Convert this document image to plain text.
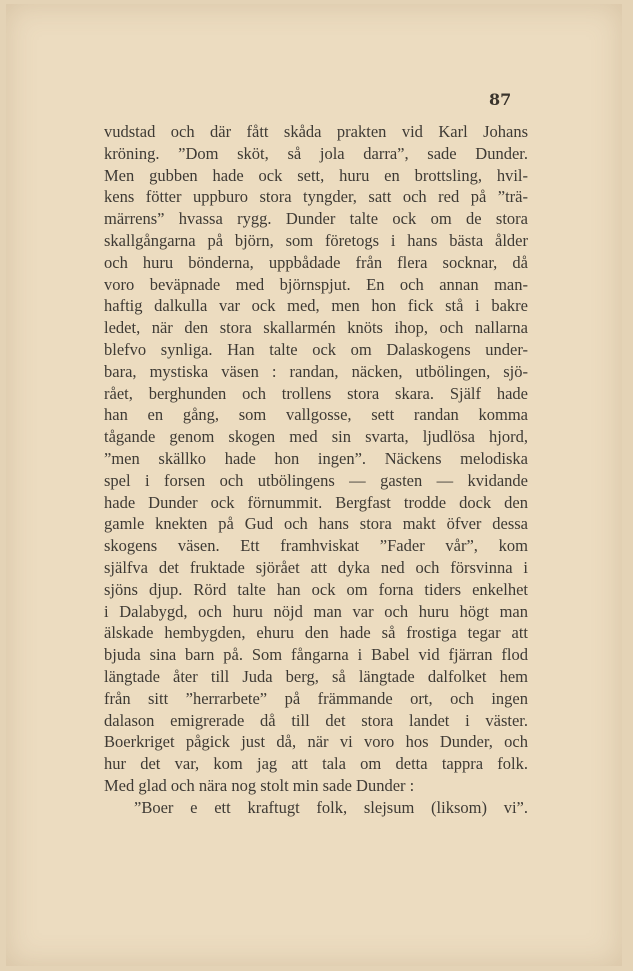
87
vudstad och där fått skåda prakten vid Karl Johans
kröning. ”Dom sköt, så jola darra”, sade Dunder.
Men gubben hade ock sett, huru en brottsling, hvil-
kens fötter uppburo stora tyngder, satt och red på ”trä-
märrens” hvassa rygg. Dunder talte ock om de stora
skallgångarna på björn, som företogs i hans bästa ålder
och huru bönderna, uppbådade från flera socknar, då
voro beväpnade med björnspjut. En och annan man-
haftig dalkulla var ock med, men hon fick stå i bakre
ledet, när den stora skallarmén knöts ihop, och nallarna
blefvo synliga. Han talte ock om Dalaskogens under-
bara, mystiska väsen : randan, näcken, utbölingen, sjö-
rået, berghunden och trollens stora skara. Själf hade
han en gång, som vallgosse, sett randan komma
tågande genom skogen med sin svarta, ljudlösa hjord,
”men skällko hade hon ingen”. Näckens melodiska
spel i forsen och utbölingens — gasten — kvidande
hade Dunder ock förnummit. Bergfast trodde dock den
gamle knekten på Gud och hans stora makt öfver dessa
skogens väsen. Ett framhviskat ”Fader vår”, kom
själfva det fruktade sjörået att dyka ned och försvinna i
sjöns djup. Rörd talte han ock om forna tiders enkelhet
i Dalabygd, och huru nöjd man var och huru högt man
älskade hembygden, ehuru den hade så frostiga tegar att
bjuda sina barn på. Som fångarna i Babel vid fjärran flod
längtade åter till Juda berg, så längtade dalfolket hem
från sitt ”herrarbete” på främmande ort, och ingen
dalason emigrerade då till det stora landet i väster.
Boerkriget pågick just då, när vi voro hos Dunder, och
hur det var, kom jag att tala om detta tappra folk.
Med glad och nära nog stolt min sade Dunder :
”Boer e ett kraftugt folk, slejsum (liksom) vi”.
